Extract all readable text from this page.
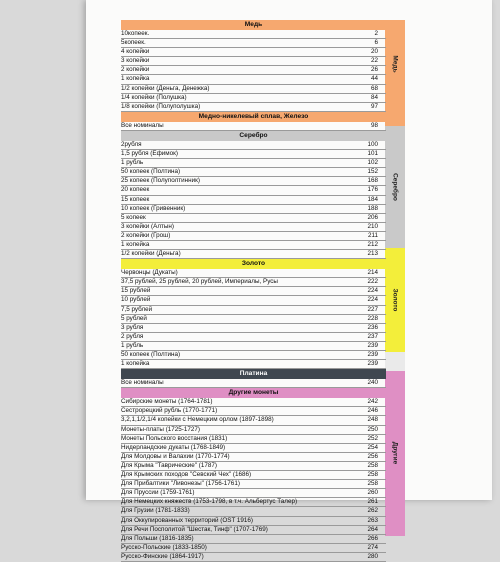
Медь
Серебро
Золото
Другие
Медь
10копеек.	2
5копеек.	6
4 копейки	20
3 копейки	22
2 копейки	26
1 копейка	44
1/2 копейки (Деньга, Денежка)	68
1/4 копейки (Полушка)	84
1/8 копейки (Полуполушка)	97
Медно-никелевый сплав, Железо
Все номиналы	98
Серебро
2рубля	100
1,5 рубля (Ефимок)	101
1 рубль	102
50 копеек (Полтина)	152
25 копеек (Полуполтинник)	168
20 копеек	176
15 копеек	184
10 копеек (Гривенник)	188
5 копеек	206
3 копейки (Алтын)	210
2 копейки (Грош)	211
1 копейка	212
1/2 копейки (Деньга)	213
Золото
Червонцы (Дукаты)	214
37,5 рублей, 25 рублей, 20 рублей, Империалы, Русы	222
15 рублей	224
10 рублей	224
7,5 рублей	227
5 рублей	228
3 рубля	236
2 рубля	237
1 рубль	239
50 копеек (Полтина)	239
1 копейка	239
Платина
Все номиналы	240
Другие монеты
Сибирские монеты (1764-1781)	242
Сестрорецкий рубль (1770-1771)	246
3,2,1,1/2,1/4 копейки с Немецким орлом (1897-1898)	248
Монеты-платы (1725-1727)	250
Монеты Польского восстания (1831)	252
Нидерландские дукаты (1768-1849)	254
Для Молдовы и Валахии (1770-1774)	256
Для Крыма "Таврические" (1787)	258
Для Крымских походов "Севский Чех" (1686)	258
Для Прибалтики "Ливонезы" (1756-1761)	258
Для Пруссии (1759-1761)	260
Для Немецких княжеств (1753-1798, в т.ч. Альбертус Талер)	261
Для Грузии (1781-1833)	262
Для Оккупированных территорий (OST 1916)	263
Для Речи Посполитой "Шестак, Тинф" (1707-1769)	264
Для Польши (1816-1835)	266
Русско-Польские (1833-1850)	274
Русско-Финские (1864-1917)	280
